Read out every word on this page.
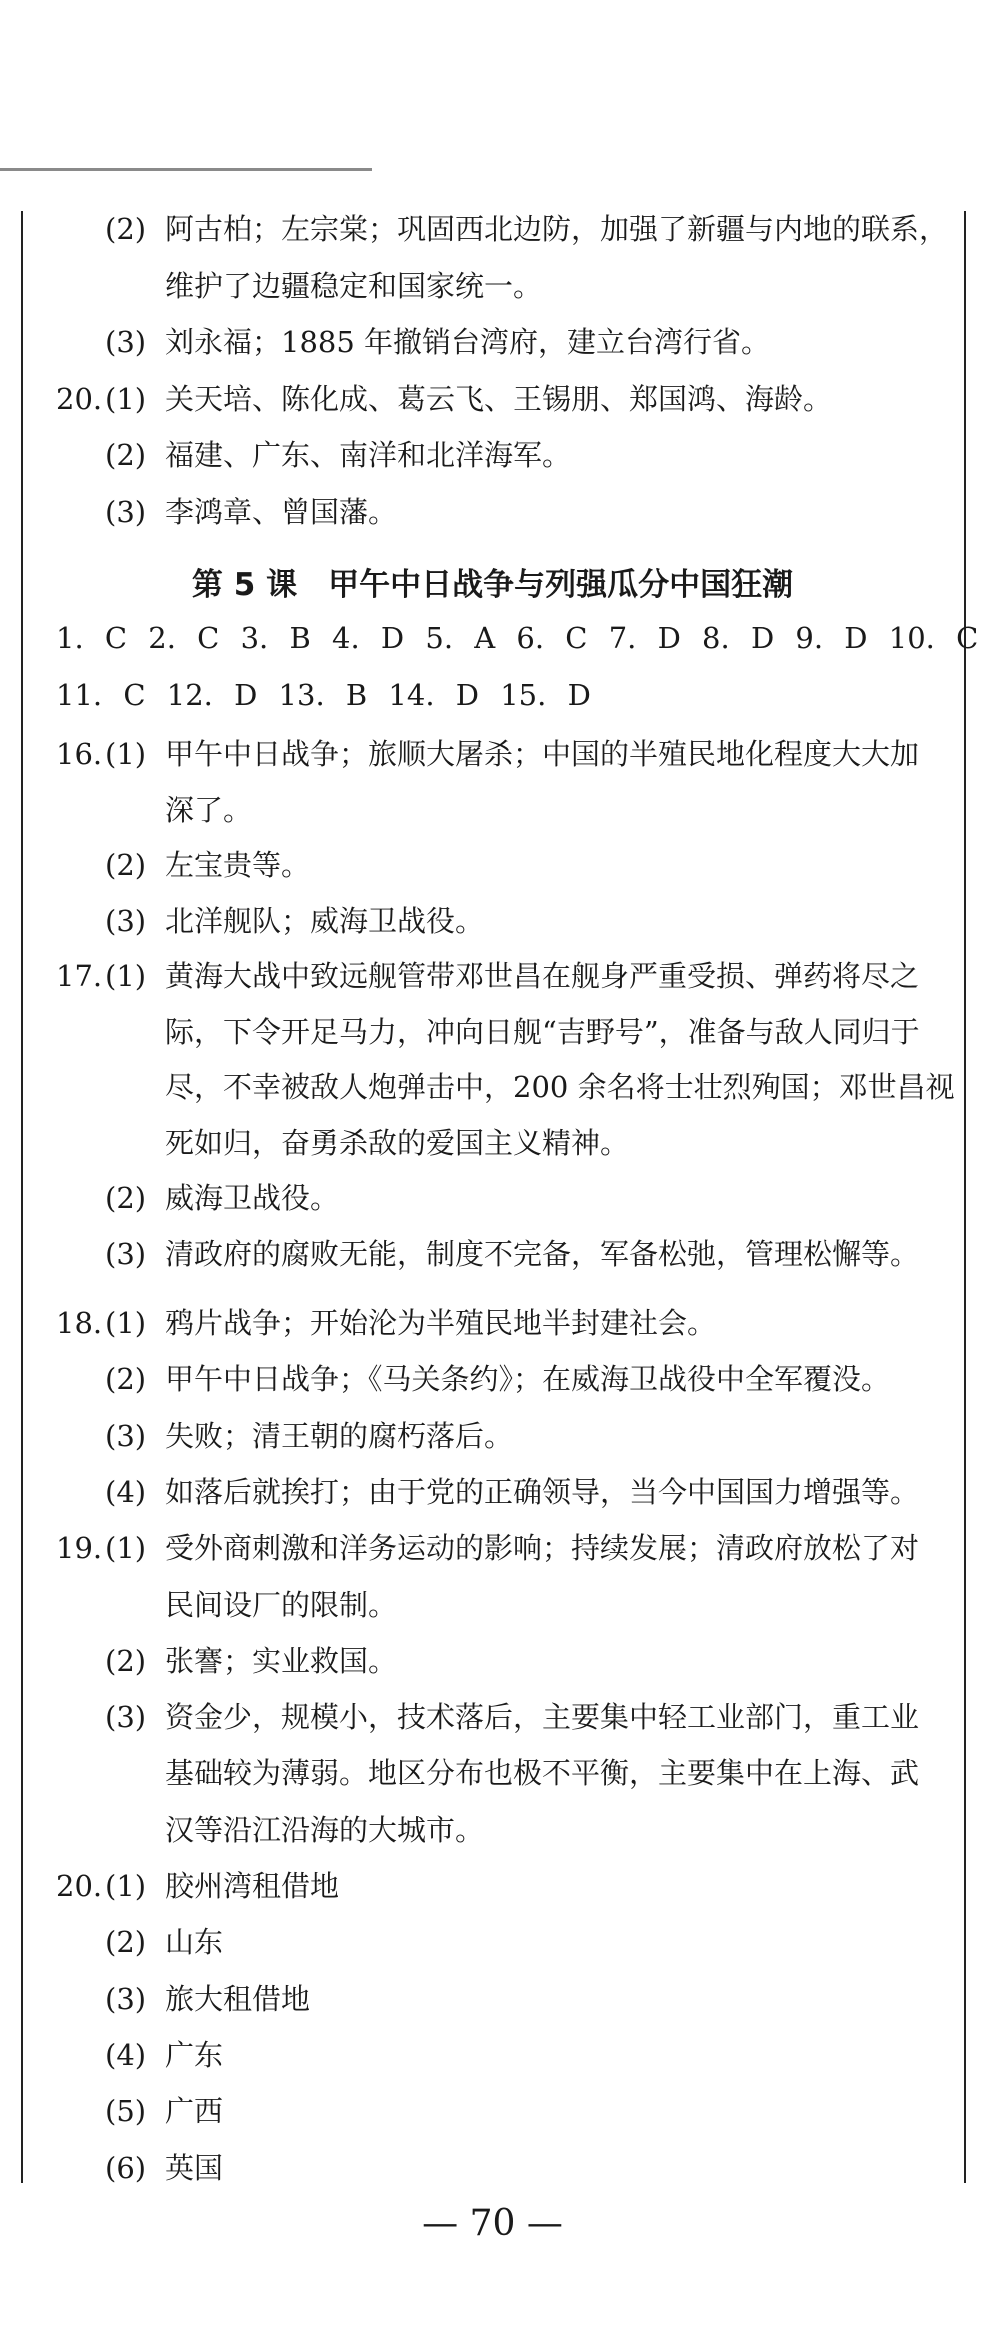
(2) 阿古柏；左宗棠；巩固西北边防，加强了新疆与内地的联系，
维护了边疆稳定和国家统一。
(3) 刘永福；1885 年撤销台湾府，建立台湾行省。
20. (1) 关天培、陈化成、葛云飞、王锡朋、郑国鸿、海龄。
(2) 福建、广东、南洋和北洋海军。
(3) 李鸿章、曾国藩。
16. (1) 甲午中日战争；旅顺大屠杀；中国的半殖民地化程度大大加
深了。
(2) 左宝贵等。
(3) 北洋舰队；威海卫战役。
17. (1) 黄海大战中致远舰管带邓世昌在舰身严重受损、弹药将尽之
际，下令开足马力，冲向日舰“吉野号”，准备与敌人同归于
尽，不幸被敌人炮弹击中，200 余名将士壮烈殉国；邓世昌视
死如归，奋勇杀敌的爱国主义精神。
(2) 威海卫战役。
(3) 清政府的腐败无能，制度不完备，军备松弛，管理松懈等。
18. (1) 鸦片战争；开始沦为半殖民地半封建社会。
(2) 甲午中日战争；《马关条约》；在威海卫战役中全军覆没。
(3) 失败；清王朝的腐朽落后。
(4) 如落后就挨打；由于党的正确领导，当今中国国力增强等。
19. (1) 受外商刺激和洋务运动的影响；持续发展；清政府放松了对
民间设厂的限制。
(2) 张謇；实业救国。
(3) 资金少，规模小，技术落后，主要集中轻工业部门，重工业
基础较为薄弱。地区分布也极不平衡，主要集中在上海、武
汉等沿江沿海的大城市。
20. (1) 胶州湾租借地
(2) 山东
(3) 旅大租借地
(4) 广东
(5) 广西
(6) 英国
第 5 课　甲午中日战争与列强瓜分中国狂潮
1. C 2. C 3. B 4. D 5. A 6. C 7. D 8. D 9. D 10. C
11. C 12. D 13. B 14. D 15. D
— 70 —
